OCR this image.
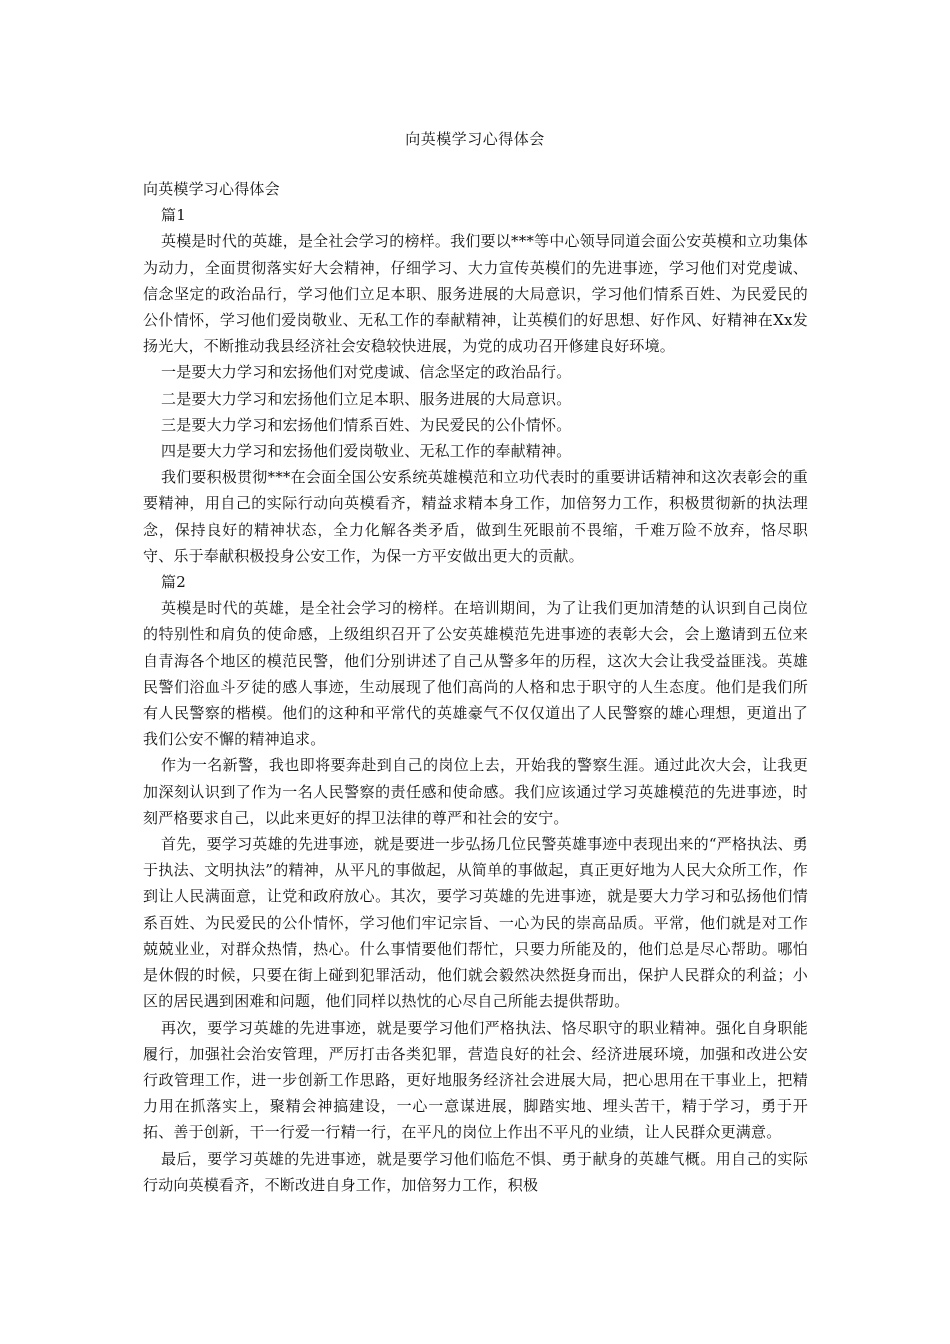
向英模学习心得体会

向英模学习心得体会

篇1

英模是时代的英雄，是全社会学习的榜样。我们要以***等中心领导同道会面公安英模和立功集体为动力，全面贯彻落实好大会精神，仔细学习、大力宣传英模们的先进事迹，学习他们对党虔诚、信念坚定的政治品行，学习他们立足本职、服务进展的大局意识，学习他们情系百姓、为民爱民的公仆情怀，学习他们爱岗敬业、无私工作的奉献精神，让英模们的好思想、好作风、好精神在Xx发扬光大，不断推动我县经济社会安稳较快进展，为党的成功召开修建良好环境。

一是要大力学习和宏扬他们对党虔诚、信念坚定的政治品行。

二是要大力学习和宏扬他们立足本职、服务进展的大局意识。

三是要大力学习和宏扬他们情系百姓、为民爱民的公仆情怀。

四是要大力学习和宏扬他们爱岗敬业、无私工作的奉献精神。

我们要积极贯彻***在会面全国公安系统英雄模范和立功代表时的重要讲话精神和这次表彰会的重要精神，用自己的实际行动向英模看齐，精益求精本身工作，加倍努力工作，积极贯彻新的执法理念，保持良好的精神状态，全力化解各类矛盾，做到生死眼前不畏缩，千难万险不放弃，恪尽职守、乐于奉献积极投身公安工作，为保一方平安做出更大的贡献。

篇2

英模是时代的英雄，是全社会学习的榜样。在培训期间，为了让我们更加清楚的认识到自己岗位的特别性和肩负的使命感，上级组织召开了公安英雄模范先进事迹的表彰大会，会上邀请到五位来自青海各个地区的模范民警，他们分别讲述了自己从警多年的历程，这次大会让我受益匪浅。英雄民警们浴血斗歹徒的感人事迹，生动展现了他们高尚的人格和忠于职守的人生态度。他们是我们所有人民警察的楷模。他们的这种和平常代的英雄豪气不仅仅道出了人民警察的雄心理想，更道出了我们公安不懈的精神追求。

作为一名新警，我也即将要奔赴到自己的岗位上去，开始我的警察生涯。通过此次大会，让我更加深刻认识到了作为一名人民警察的责任感和使命感。我们应该通过学习英雄模范的先进事迹，时刻严格要求自己，以此来更好的捍卫法律的尊严和社会的安宁。

首先，要学习英雄的先进事迹，就是要进一步弘扬几位民警英雄事迹中表现出来的“严格执法、勇于执法、文明执法”的精神，从平凡的事做起，从简单的事做起，真正更好地为人民大众所工作，作到让人民满面意，让党和政府放心。其次，要学习英雄的先进事迹，就是要大力学习和弘扬他们情系百姓、为民爱民的公仆情怀，学习他们牢记宗旨、一心为民的崇高品质。平常，他们就是对工作兢兢业业，对群众热情，热心。什么事情要他们帮忙，只要力所能及的，他们总是尽心帮助。哪怕是休假的时候，只要在街上碰到犯罪活动，他们就会毅然决然挺身而出，保护人民群众的利益；小区的居民遇到困难和问题，他们同样以热忱的心尽自己所能去提供帮助。

再次，要学习英雄的先进事迹，就是要学习他们严格执法、恪尽职守的职业精神。强化自身职能履行，加强社会治安管理，严厉打击各类犯罪，营造良好的社会、经济进展环境，加强和改进公安行政管理工作，进一步创新工作思路，更好地服务经济社会进展大局，把心思用在干事业上，把精力用在抓落实上，聚精会神搞建设，一心一意谋进展，脚踏实地、埋头苦干，精于学习，勇于开拓、善于创新，干一行爱一行精一行，在平凡的岗位上作出不平凡的业绩，让人民群众更满意。

最后，要学习英雄的先进事迹，就是要学习他们临危不惧、勇于献身的英雄气概。用自己的实际行动向英模看齐，不断改进自身工作，加倍努力工作，积极
